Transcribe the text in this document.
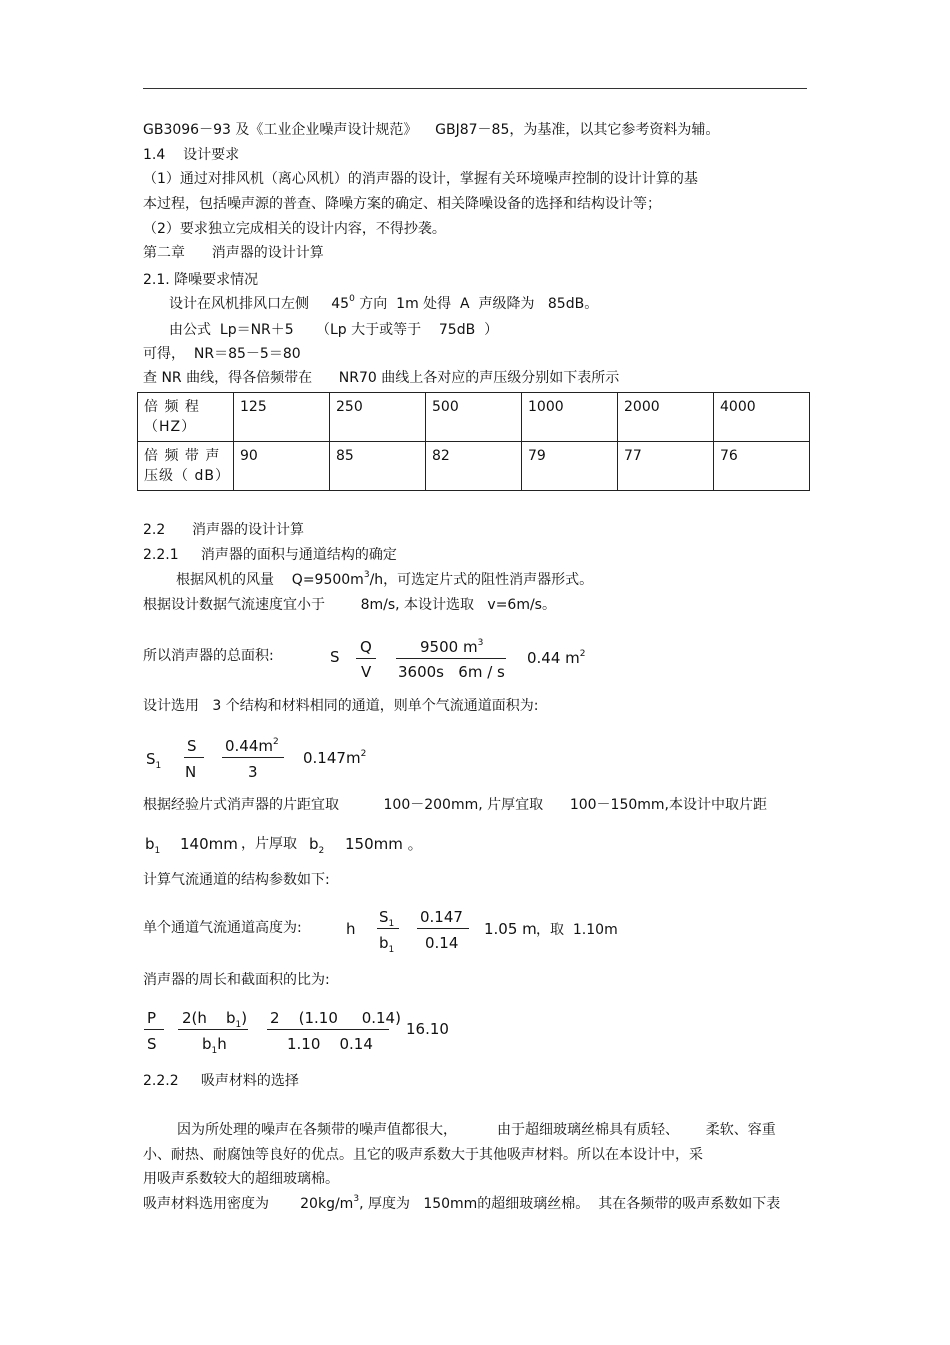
GB3096－93 及《工业企业噪声设计规范》    GBJ87－85，为基准，以其它参考资料为辅。
1.4    设计要求
（1）通过对排风机（离心风机）的消声器的设计，掌握有关环境噪声控制的设计计算的基
本过程，包括噪声源的普查、降噪方案的确定、相关降噪设备的选择和结构设计等；
（2）要求独立完成相关的设计内容，不得抄袭。
第二章      消声器的设计计算
2.1. 降噪要求情况
设计在风机排风口左侧     $45^0$ 方向  1m 处得  A  声级降为   85dB。
由公式  Lp＝NR＋5     （Lp 大于或等于    75dB  ）
可得，  NR＝85－5＝80
查 NR 曲线，得各倍频带在      NR70 曲线上各对应的声压级分别如下表所示
倍 频 程（HZ）	125	250	500	1000	2000	4000
倍 频 带 声 压级（ dB）	90	85	82	79	77	76
2.2      消声器的设计计算
2.2.1     消声器的面积与通道结构的确定
根据风机的风量    $Q=9500m^3/h$，可选定片式的阻性消声器形式。
根据设计数据气流速度宜小于        8m/s, 本设计选取   v=6m/s。
所以消声器的总面积:	S
Q
V
9500 $m^3$
3600s   6m / s
0.44 $m^2$
设计选用   3 个结构和材料相同的通道，则单个气流通道面积为:
$S_1$
S
N
$0.44m^2$
3
$0.147m^2$
根据经验片式消声器的片距宜取          100－200mm, 片厚宜取      100－150mm,本设计中取片距
$b_1$ 140mm ，片厚取 $b_2$ 150mm 。
计算气流通道的结构参数如下:
单个通道气流通道高度为:	h
$S_1$
$b_1$
0.147
0.14
1.05 m ，取  1.10m
消声器的周长和截面积的比为:
P
S
2(h    $b_1$)
$b_1h$
2    (1.10     0.14)
1.10    0.14
16.10
2.2.2     吸声材料的选择
因为所处理的噪声在各频带的噪声值都很大，         由于超细玻璃丝棉具有质轻、      柔软、容重
小、耐热、耐腐蚀等良好的优点。且它的吸声系数大于其他吸声材料。所以在本设计中，采
用吸声系数较大的超细玻璃棉。
吸声材料选用密度为       $20kg/m^3$, 厚度为   150mm的超细玻璃丝棉。  其在各频带的吸声系数如下表
